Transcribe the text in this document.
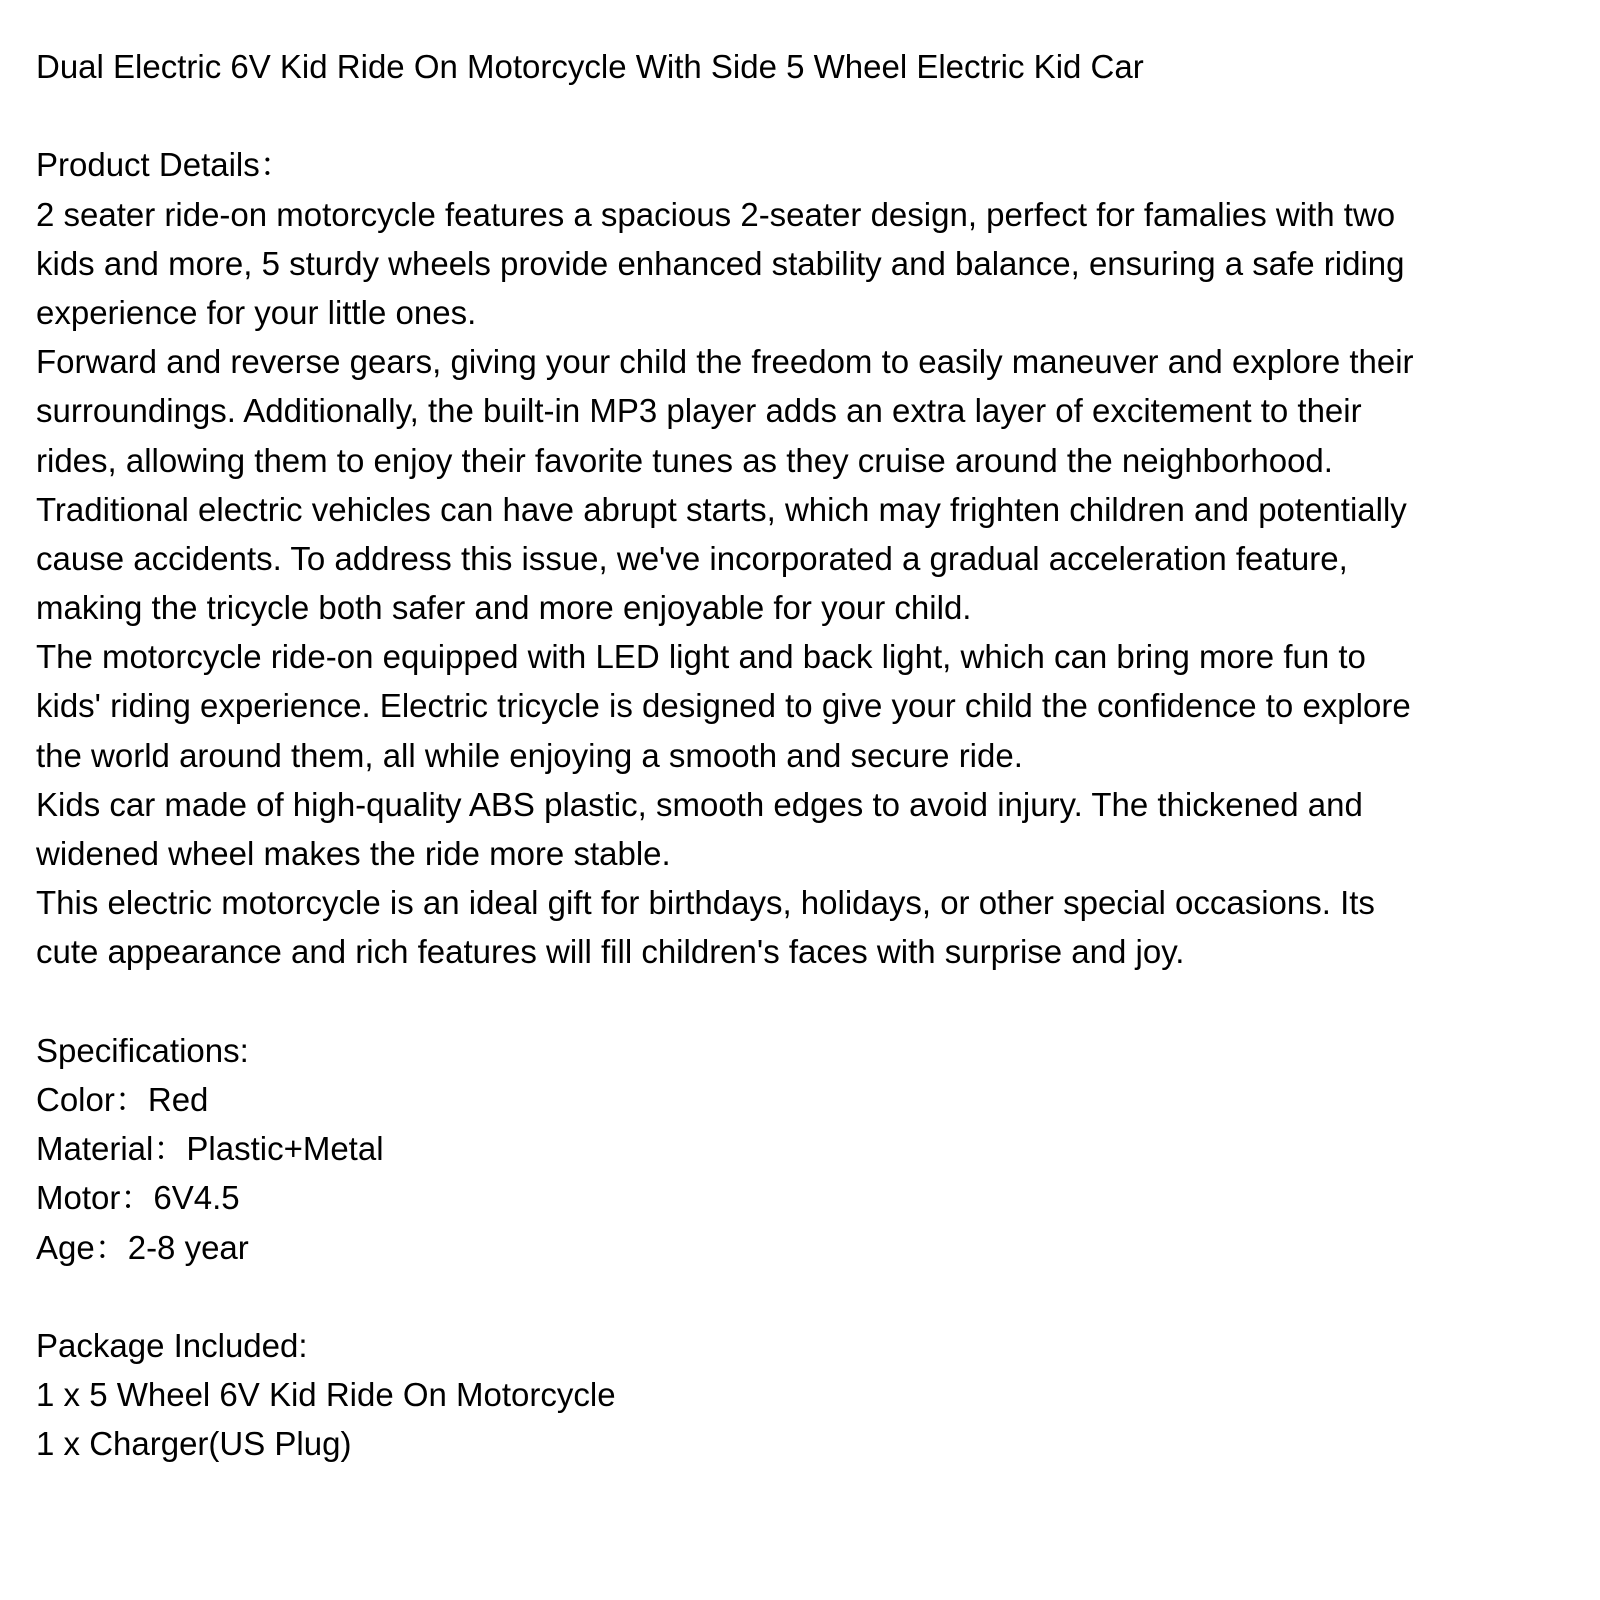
Dual Electric 6V Kid Ride On Motorcycle With Side 5 Wheel Electric Kid Car
Product Details：
2 seater ride-on motorcycle features a spacious 2-seater design, perfect for famalies with two
kids and more, 5 sturdy wheels provide enhanced stability and balance, ensuring a safe riding
experience for your little ones.
Forward and reverse gears, giving your child the freedom to easily maneuver and explore their
surroundings. Additionally, the built-in MP3 player adds an extra layer of excitement to their
rides, allowing them to enjoy their favorite tunes as they cruise around the neighborhood.
Traditional electric vehicles can have abrupt starts, which may frighten children and potentially
cause accidents. To address this issue, we've incorporated a gradual acceleration feature,
making the tricycle both safer and more enjoyable for your child.
The motorcycle ride-on equipped with LED light and back light, which can bring more fun to
kids' riding experience. Electric tricycle is designed to give your child the confidence to explore
the world around them, all while enjoying a smooth and secure ride.
Kids car made of high-quality ABS plastic, smooth edges to avoid injury. The thickened and
widened wheel makes the ride more stable.
This electric motorcycle is an ideal gift for birthdays, holidays, or other special occasions. Its
cute appearance and rich features will fill children's faces with surprise and joy.
Specifications:
Color：Red
Material：Plastic+Metal
Motor：6V4.5
Age：2-8 year
Package Included:
1 x 5 Wheel 6V Kid Ride On Motorcycle
1 x Charger(US Plug)
